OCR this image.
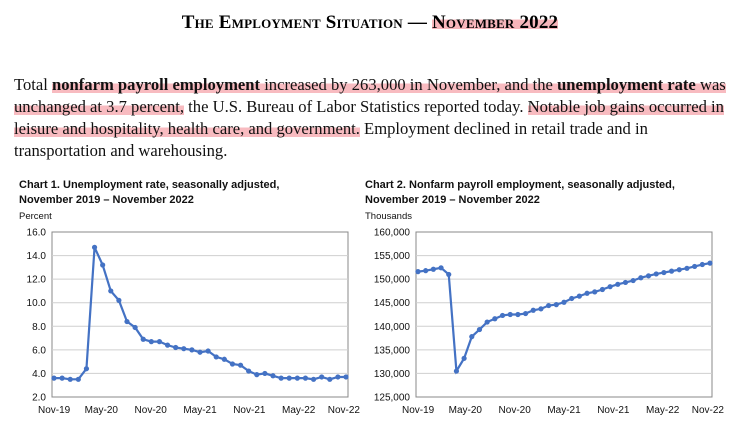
The Employment Situation — November 2022
Total nonfarm payroll employment increased by 263,000 in November, and the unemployment rate was unchanged at 3.7 percent, the U.S. Bureau of Labor Statistics reported today. Notable job gains occurred in leisure and hospitality, health care, and government. Employment declined in retail trade and in transportation and warehousing.
Chart 1. Unemployment rate, seasonally adjusted,
November 2019 – November 2022
Percent
16.0
14.0
12.0
10.0
8.0
6.0
4.0
2.0
Nov-19 May-20 Nov-20 May-21 Nov-21 May-22 Nov-22
Chart 2. Nonfarm payroll employment, seasonally adjusted,
November 2019 – November 2022
Thousands
160,000
155,000
150,000
145,000
140,000
135,000
130,000
125,000
Nov-19 May-20 Nov-20 May-21 Nov-21 May-22 Nov-22
